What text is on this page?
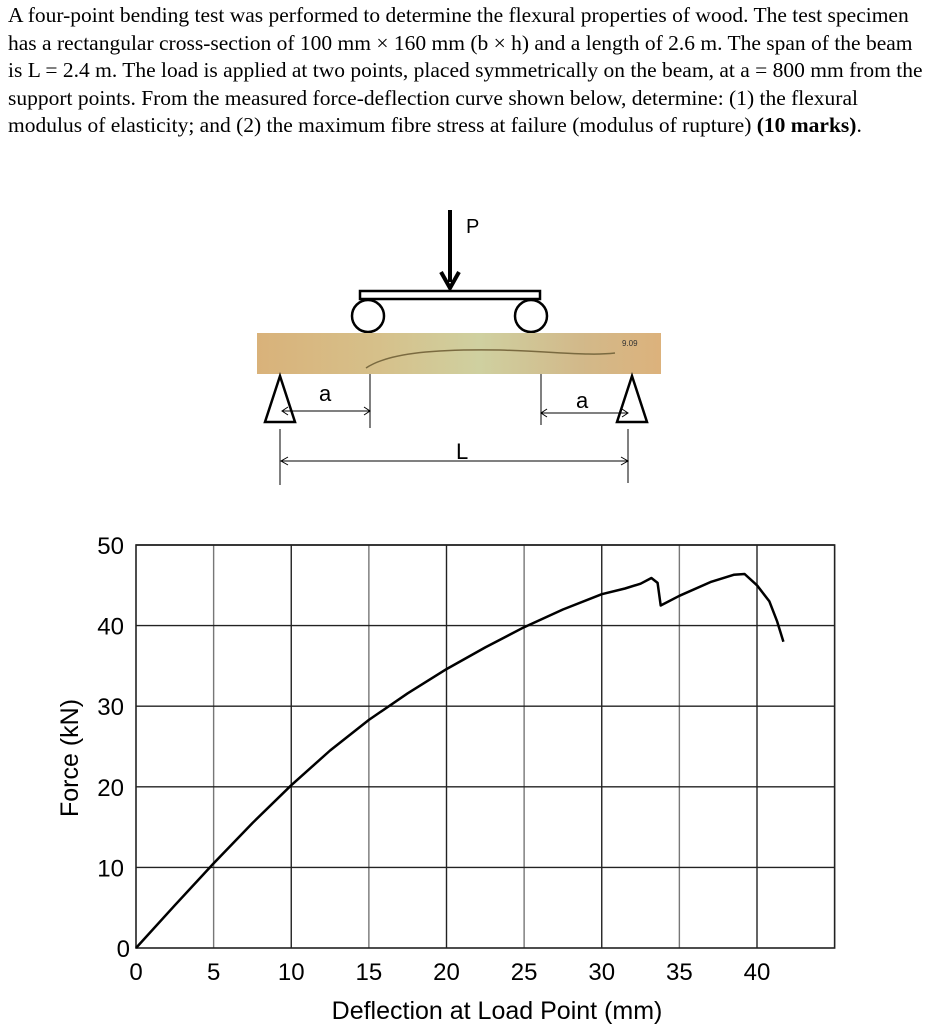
A four-point bending test was performed to determine the flexural properties of wood. The test specimen has a rectangular cross-section of 100 mm × 160 mm (b × h) and a length of 2.6 m. The span of the beam is L = 2.4 m. The load is applied at two points, placed symmetrically on the beam, at a = 800 mm from the support points. From the measured force-deflection curve shown below, determine: (1) the flexural modulus of elasticity; and (2) the maximum fibre stress at failure (modulus of rupture) (10 marks).
P
9.09
a	a
L
0	5 10 15 20 25 30 35 40
0
10
20
30
40
50
Deflection at Load Point (mm)
Force (kN)
